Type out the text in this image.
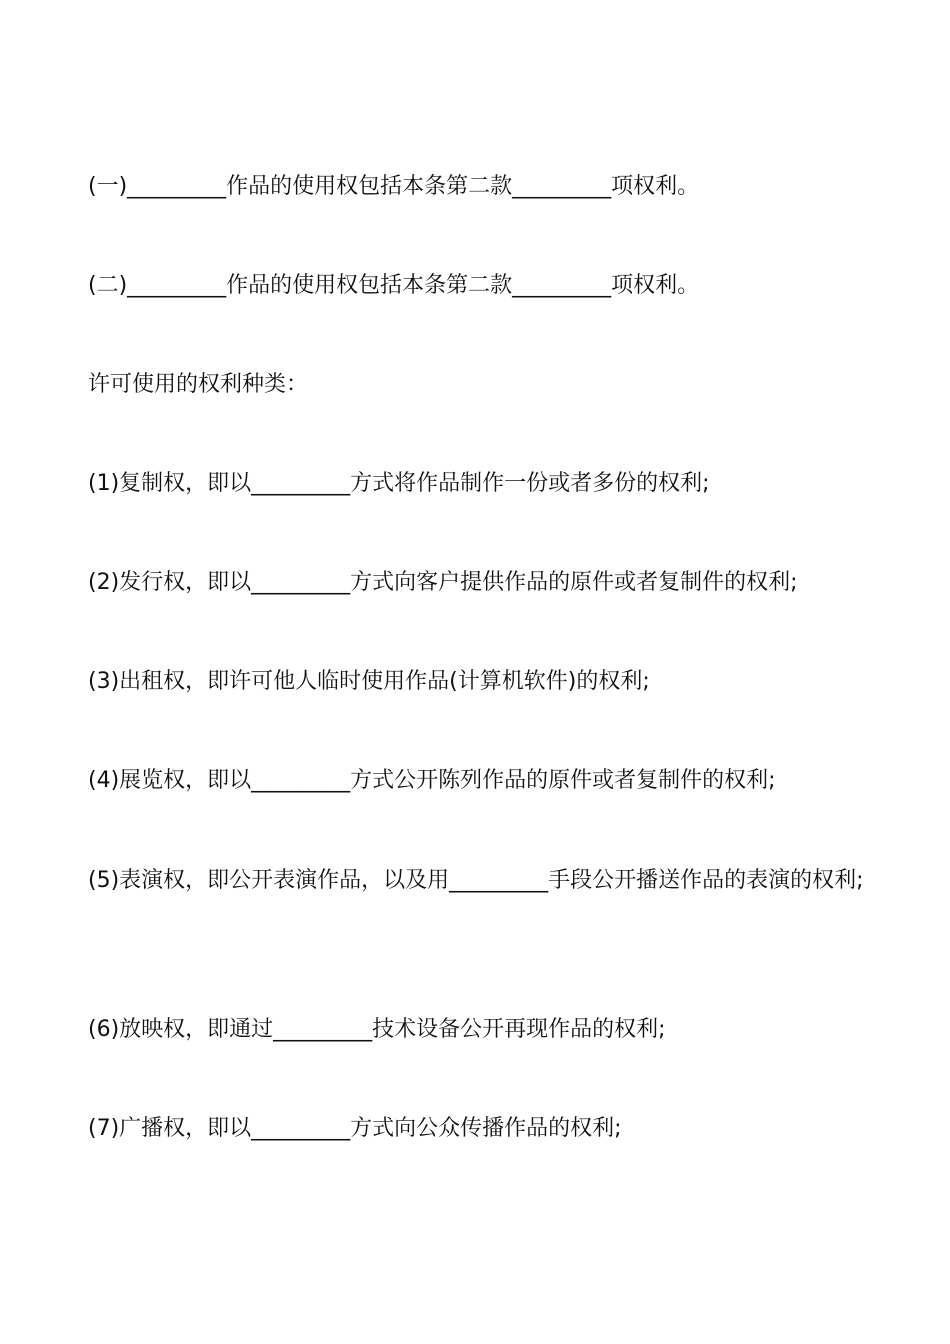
(一)_________作品的使用权包括本条第二款_________项权利。
(二)_________作品的使用权包括本条第二款_________项权利。
许可使用的权利种类：
(1)复制权，即以_________方式将作品制作一份或者多份的权利;
(2)发行权，即以_________方式向客户提供作品的原件或者复制件的权利;
(3)出租权，即许可他人临时使用作品(计算机软件)的权利;
(4)展览权，即以_________方式公开陈列作品的原件或者复制件的权利;
(5)表演权，即公开表演作品，以及用_________手段公开播送作品的表演的权利;
(6)放映权，即通过_________技术设备公开再现作品的权利;
(7)广播权，即以_________方式向公众传播作品的权利;
